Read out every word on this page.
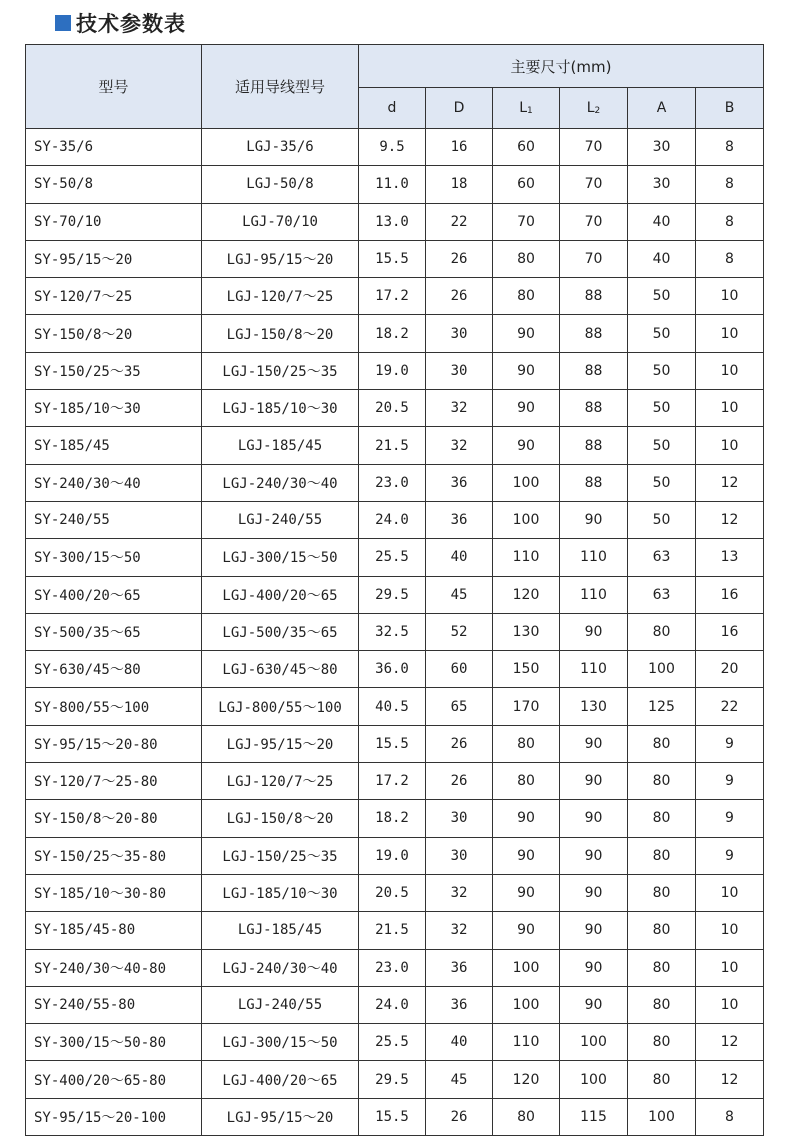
技术参数表
型号	适用导线型号	主要尺寸(mm)					
		d	D	$L_1$	$L_2$	A	B
SY-35/6	LGJ-35/6	9.5	16	60	70	30	8
SY-50/8	LGJ-50/8	11.0	18	60	70	30	8
SY-70/10	LGJ-70/10	13.0	22	70	70	40	8
SY-95/15～20	LGJ-95/15～20	15.5	26	80	70	40	8
SY-120/7～25	LGJ-120/7～25	17.2	26	80	88	50	10
SY-150/8～20	LGJ-150/8～20	18.2	30	90	88	50	10
SY-150/25～35	LGJ-150/25～35	19.0	30	90	88	50	10
SY-185/10～30	LGJ-185/10～30	20.5	32	90	88	50	10
SY-185/45	LGJ-185/45	21.5	32	90	88	50	10
SY-240/30～40	LGJ-240/30～40	23.0	36	100	88	50	12
SY-240/55	LGJ-240/55	24.0	36	100	90	50	12
SY-300/15～50	LGJ-300/15～50	25.5	40	110	110	63	13
SY-400/20～65	LGJ-400/20～65	29.5	45	120	110	63	16
SY-500/35～65	LGJ-500/35～65	32.5	52	130	90	80	16
SY-630/45～80	LGJ-630/45～80	36.0	60	150	110	100	20
SY-800/55～100	LGJ-800/55～100	40.5	65	170	130	125	22
SY-95/15～20-80	LGJ-95/15～20	15.5	26	80	90	80	9
SY-120/7～25-80	LGJ-120/7～25	17.2	26	80	90	80	9
SY-150/8～20-80	LGJ-150/8～20	18.2	30	90	90	80	9
SY-150/25～35-80	LGJ-150/25～35	19.0	30	90	90	80	9
SY-185/10～30-80	LGJ-185/10～30	20.5	32	90	90	80	10
SY-185/45-80	LGJ-185/45	21.5	32	90	90	80	10
SY-240/30～40-80	LGJ-240/30～40	23.0	36	100	90	80	10
SY-240/55-80	LGJ-240/55	24.0	36	100	90	80	10
SY-300/15～50-80	LGJ-300/15～50	25.5	40	110	100	80	12
SY-400/20～65-80	LGJ-400/20～65	29.5	45	120	100	80	12
SY-95/15～20-100	LGJ-95/15～20	15.5	26	80	115	100	8
